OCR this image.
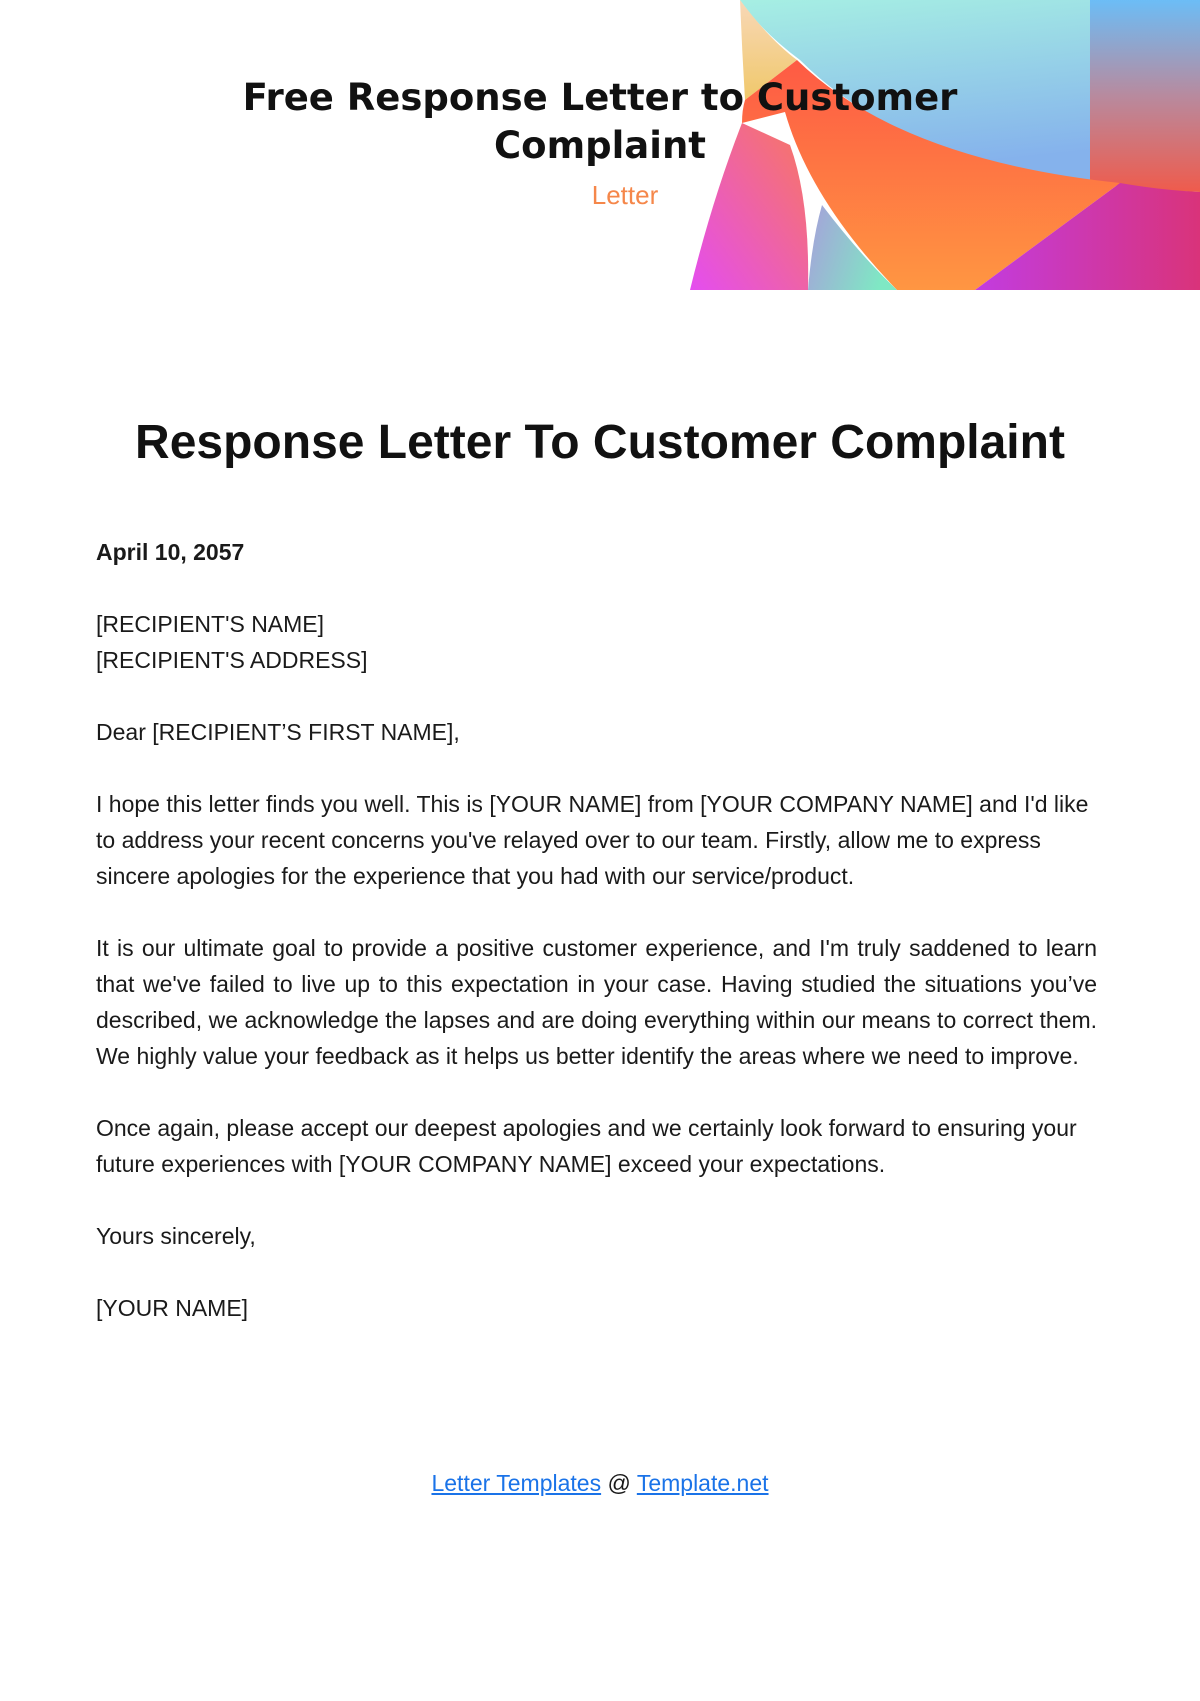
Free Response Letter to Customer Complaint
Letter
Response Letter To Customer Complaint

April 10, 2057

[RECIPIENT'S NAME]
[RECIPIENT'S ADDRESS]

Dear [RECIPIENT’S FIRST NAME],

I hope this letter finds you well. This is [YOUR NAME] from [YOUR COMPANY NAME] and I'd like to address your recent concerns you've relayed over to our team. Firstly, allow me to express sincere apologies for the experience that you had with our service/product.

It is our ultimate goal to provide a positive customer experience, and I'm truly saddened to learn that we've failed to live up to this expectation in your case. Having studied the situations you’ve described, we acknowledge the lapses and are doing everything within our means to correct them. We highly value your feedback as it helps us better identify the areas where we need to improve.

Once again, please accept our deepest apologies and we certainly look forward to ensuring your future experiences with [YOUR COMPANY NAME] exceed your expectations.

Yours sincerely,

[YOUR NAME]

Letter Templates @ Template.net
